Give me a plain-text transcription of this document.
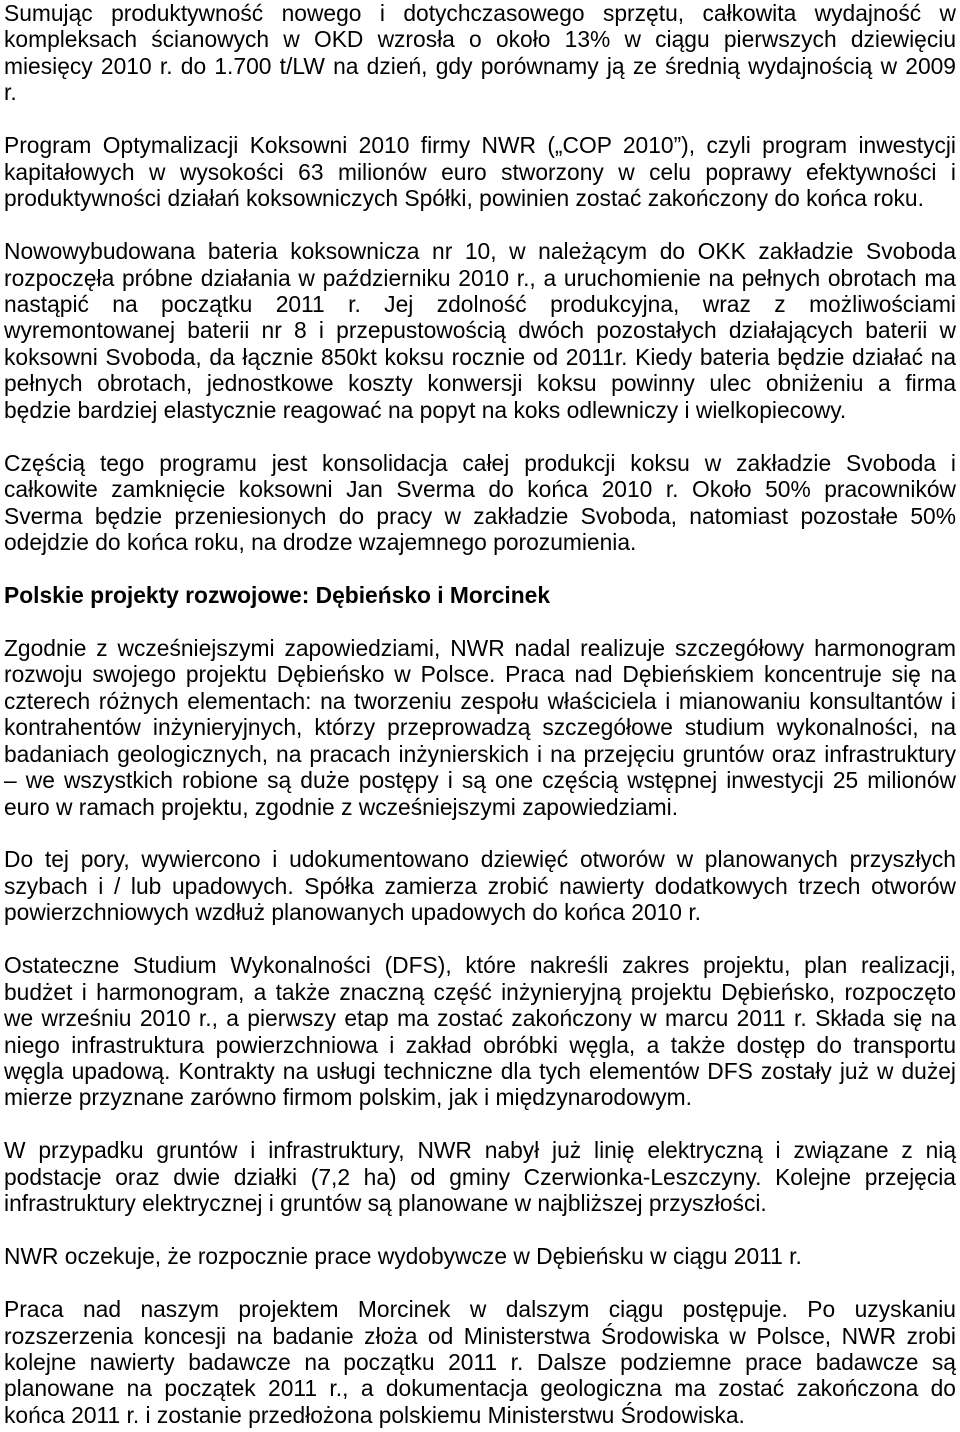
Sumując produktywność nowego i dotychczasowego sprzętu, całkowita wydajność w
kompleksach ścianowych w OKD wzrosła o około 13% w ciągu pierwszych dziewięciu
miesięcy 2010 r. do 1.700 t/LW na dzień, gdy porównamy ją ze średnią wydajnością w 2009
r.

Program Optymalizacji Koksowni 2010 firmy NWR („COP 2010”), czyli program inwestycji
kapitałowych w wysokości 63 milionów euro stworzony w celu poprawy efektywności i
produktywności działań koksowniczych Spółki, powinien zostać zakończony do końca roku.

Nowowybudowana bateria koksownicza nr 10, w należącym do OKK zakładzie Svoboda
rozpoczęła próbne działania w październiku 2010 r., a uruchomienie na pełnych obrotach ma
nastąpić na początku 2011 r. Jej zdolność produkcyjna, wraz z możliwościami
wyremontowanej baterii nr 8 i przepustowością dwóch pozostałych działających baterii w
koksowni Svoboda, da łącznie 850kt koksu rocznie od 2011r. Kiedy bateria będzie działać na
pełnych obrotach, jednostkowe koszty konwersji koksu powinny ulec obniżeniu a firma
będzie bardziej elastycznie reagować na popyt na koks odlewniczy i wielkopiecowy.

Częścią tego programu jest konsolidacja całej produkcji koksu w zakładzie Svoboda i
całkowite zamknięcie koksowni Jan Sverma do końca 2010 r. Około 50% pracowników
Sverma będzie przeniesionych do pracy w zakładzie Svoboda, natomiast pozostałe 50%
odejdzie do końca roku, na drodze wzajemnego porozumienia.

Polskie projekty rozwojowe: Dębieńsko i Morcinek

Zgodnie z wcześniejszymi zapowiedziami, NWR nadal realizuje szczegółowy harmonogram
rozwoju swojego projektu Dębieńsko w Polsce. Praca nad Dębieńskiem koncentruje się na
czterech różnych elementach: na tworzeniu zespołu właściciela i mianowaniu konsultantów i
kontrahentów inżynieryjnych, którzy przeprowadzą szczegółowe studium wykonalności, na
badaniach geologicznych, na pracach inżynierskich i na przejęciu gruntów oraz infrastruktury
– we wszystkich robione są duże postępy i są one częścią wstępnej inwestycji 25 milionów
euro w ramach projektu, zgodnie z wcześniejszymi zapowiedziami.

Do tej pory, wywiercono i udokumentowano dziewięć otworów w planowanych przyszłych
szybach i / lub upadowych. Spółka zamierza zrobić nawierty dodatkowych trzech otworów
powierzchniowych wzdłuż planowanych upadowych do końca 2010 r.

Ostateczne Studium Wykonalności (DFS), które nakreśli zakres projektu, plan realizacji,
budżet i harmonogram, a także znaczną część inżynieryjną projektu Dębieńsko, rozpoczęto
we wrześniu 2010 r., a pierwszy etap ma zostać zakończony w marcu 2011 r. Składa się na
niego infrastruktura powierzchniowa i zakład obróbki węgla, a także dostęp do transportu
węgla upadową. Kontrakty na usługi techniczne dla tych elementów DFS zostały już w dużej
mierze przyznane zarówno firmom polskim, jak i międzynarodowym.

W przypadku gruntów i infrastruktury, NWR nabył już linię elektryczną i związane z nią
podstacje oraz dwie działki (7,2 ha) od gminy Czerwionka-Leszczyny. Kolejne przejęcia
infrastruktury elektrycznej i gruntów są planowane w najbliższej przyszłości.

NWR oczekuje, że rozpocznie prace wydobywcze w Dębieńsku w ciągu 2011 r.

Praca nad naszym projektem Morcinek w dalszym ciągu postępuje. Po uzyskaniu
rozszerzenia koncesji na badanie złoża od Ministerstwa Środowiska w Polsce, NWR zrobi
kolejne nawierty badawcze na początku 2011 r. Dalsze podziemne prace badawcze są
planowane na początek 2011 r., a dokumentacja geologiczna ma zostać zakończona do
końca 2011 r. i zostanie przedłożona polskiemu Ministerstwu Środowiska.
